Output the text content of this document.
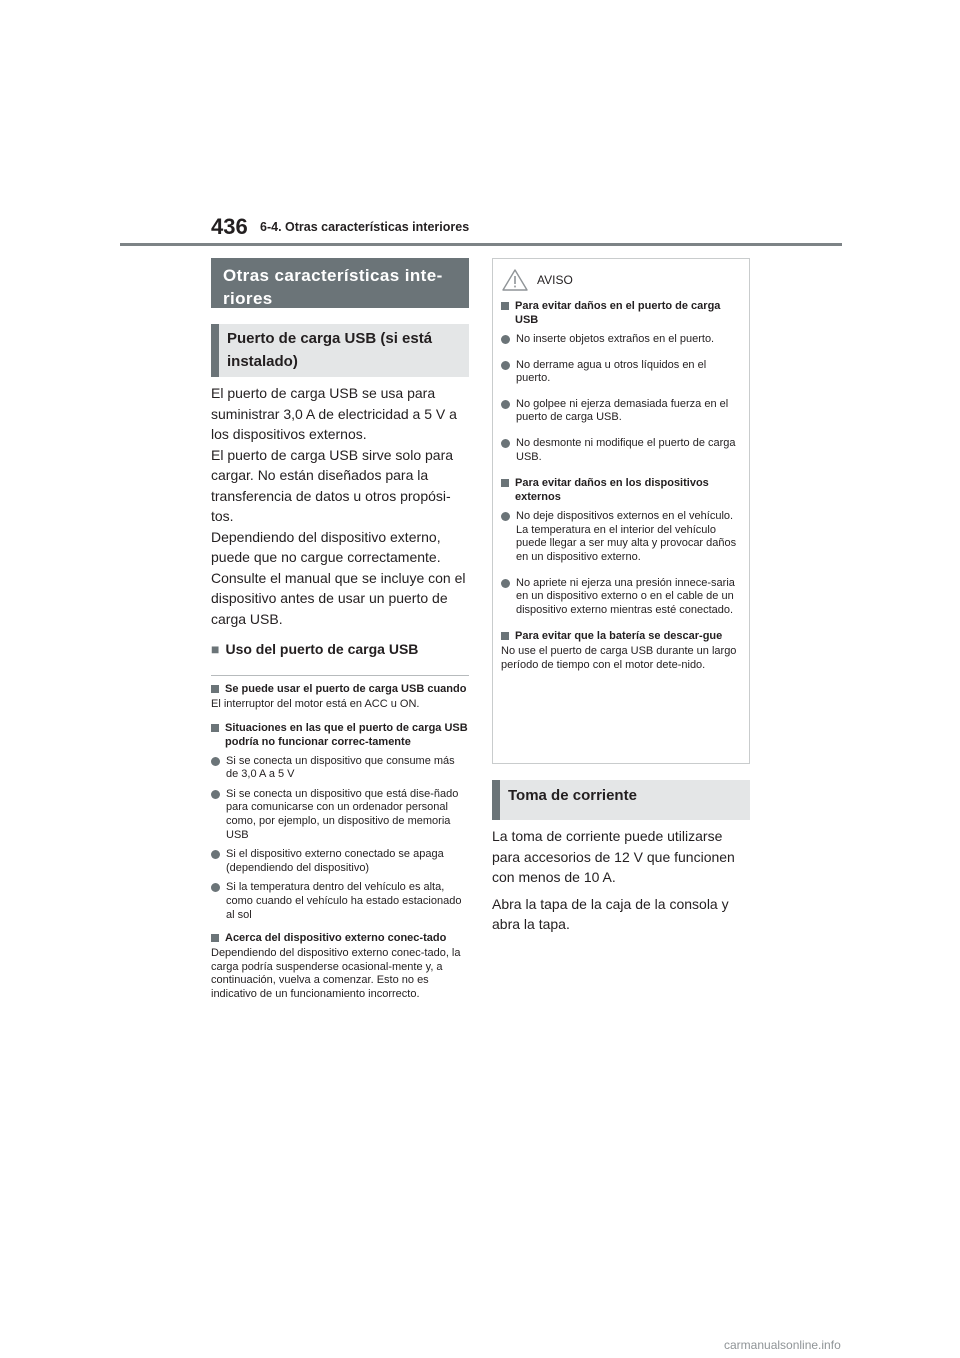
436 6-4. Otras características interiores
Otras características inte-
riores
Puerto de carga USB (si está
instalado)

El puerto de carga USB se usa para suministrar 3,0 A de electricidad a 5 V a los dispositivos externos.

El puerto de carga USB sirve solo para cargar. No están diseñados para la transferencia de datos u otros propósi-tos.

Dependiendo del dispositivo externo, puede que no cargue correctamente. Consulte el manual que se incluye con el dispositivo antes de usar un puerto de carga USB.

■ Uso del puerto de carga USB
Se puede usar el puerto de carga USB cuando

El interruptor del motor está en ACC u ON.

Situaciones en las que el puerto de carga USB podría no funcionar correc-tamente
Si se conecta un dispositivo que consume más de 3,0 A a 5 V
Si se conecta un dispositivo que está dise-ñado para comunicarse con un ordenador personal como, por ejemplo, un dispositivo de memoria USB
Si el dispositivo externo conectado se apaga (dependiendo del dispositivo)
Si la temperatura dentro del vehículo es alta, como cuando el vehículo ha estado estacionado al sol
Acerca del dispositivo externo conec-tado

Dependiendo del dispositivo externo conec-tado, la carga podría suspenderse ocasional-mente y, a continuación, vuelva a comenzar. Esto no es indicativo de un funcionamiento incorrecto.

AVISO
Para evitar daños en el puerto de carga USB
No inserte objetos extraños en el puerto.
No derrame agua u otros líquidos en el puerto.
No golpee ni ejerza demasiada fuerza en el puerto de carga USB.
No desmonte ni modifique el puerto de carga USB.
Para evitar daños en los dispositivos externos
No deje dispositivos externos en el vehículo. La temperatura en el interior del vehículo puede llegar a ser muy alta y provocar daños en un dispositivo externo.
No apriete ni ejerza una presión innece-saria en un dispositivo externo o en el cable de un dispositivo externo mientras esté conectado.
Para evitar que la batería se descar-gue

No use el puerto de carga USB durante un largo período de tiempo con el motor dete-nido.

Toma de corriente

La toma de corriente puede utilizarse para accesorios de 12 V que funcionen con menos de 10 A.

Abra la tapa de la caja de la consola y abra la tapa.

carmanualsonline.info
